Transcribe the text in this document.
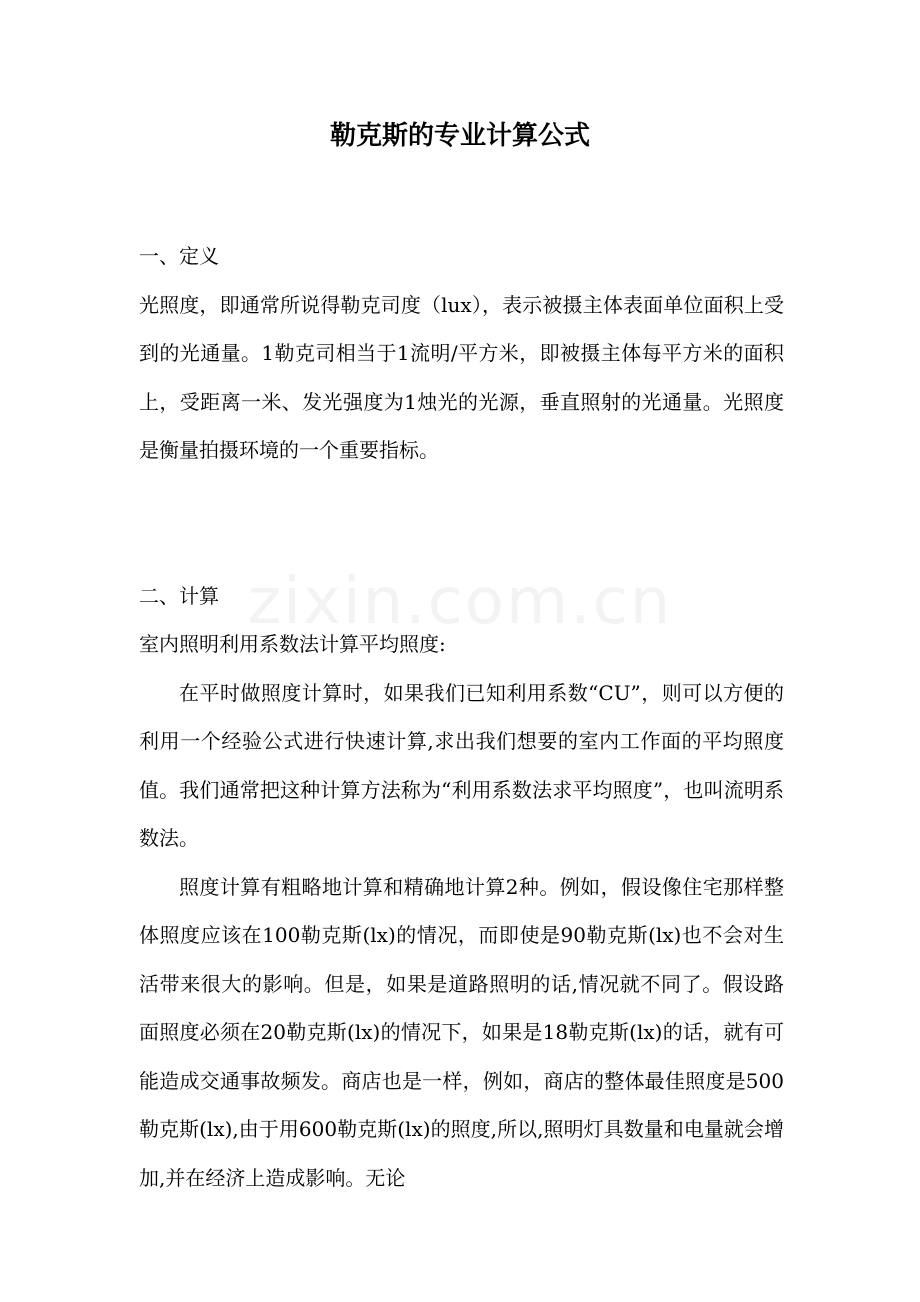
勒克斯的专业计算公式

一、定义

光照度，即通常所说得勒克司度（lux），表示被摄主体表面单位面积上受到的光通量。1勒克司相当于1流明/平方米，即被摄主体每平方米的面积上，受距离一米、发光强度为1烛光的光源，垂直照射的光通量。光照度是衡量拍摄环境的一个重要指标。

二、计算

室内照明利用系数法计算平均照度:

在平时做照度计算时，如果我们已知利用系数“CU”，则可以方便的利用一个经验公式进行快速计算,求出我们想要的室内工作面的平均照度值。我们通常把这种计算方法称为“利用系数法求平均照度”，也叫流明系数法。

照度计算有粗略地计算和精确地计算2种。例如，假设像住宅那样整体照度应该在100勒克斯(lx)的情况，而即使是90勒克斯(lx)也不会对生活带来很大的影响。但是，如果是道路照明的话,情况就不同了。假设路面照度必须在20勒克斯(lx)的情况下，如果是18勒克斯(lx)的话，就有可能造成交通事故频发。商店也是一样，例如，商店的整体最佳照度是500勒克斯(lx),由于用600勒克斯(lx)的照度,所以,照明灯具数量和电量就会增加,并在经济上造成影响。无论
